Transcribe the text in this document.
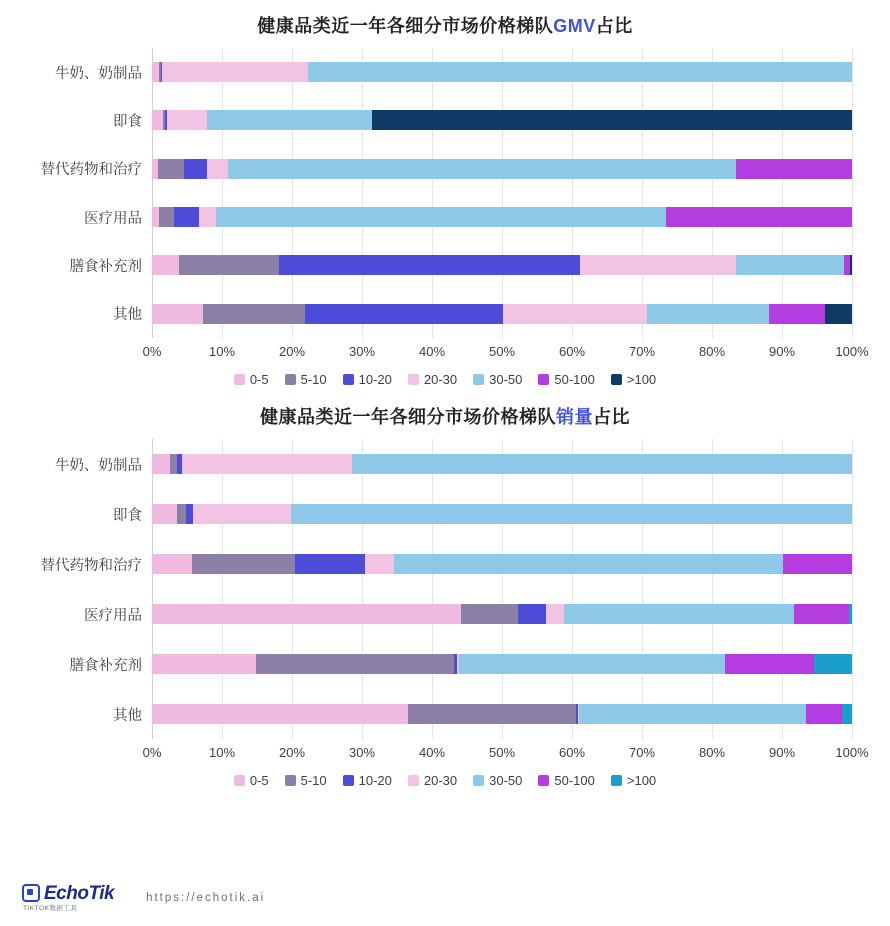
健康品类近一年各细分市场价格梯队GMV占比
牛奶、奶制品
即食
替代药物和治疗
医疗用品
膳食补充剂
其他
0%	10%	20%	30%	40%	50%	60%	70%	80%	90%	100%
0-5 5-10 10-20 20-30 30-50 50-100 >100
健康品类近一年各细分市场价格梯队销量占比
牛奶、奶制品
即食
替代药物和治疗
医疗用品
膳食补充剂
其他
0%	10%	20%	30%	40%	50%	60%	70%	80%	90%	100%
0-5 5-10 10-20 20-30 30-50 50-100 >100
EchoTik
TIKTOK数据工具
https://echotik.ai
